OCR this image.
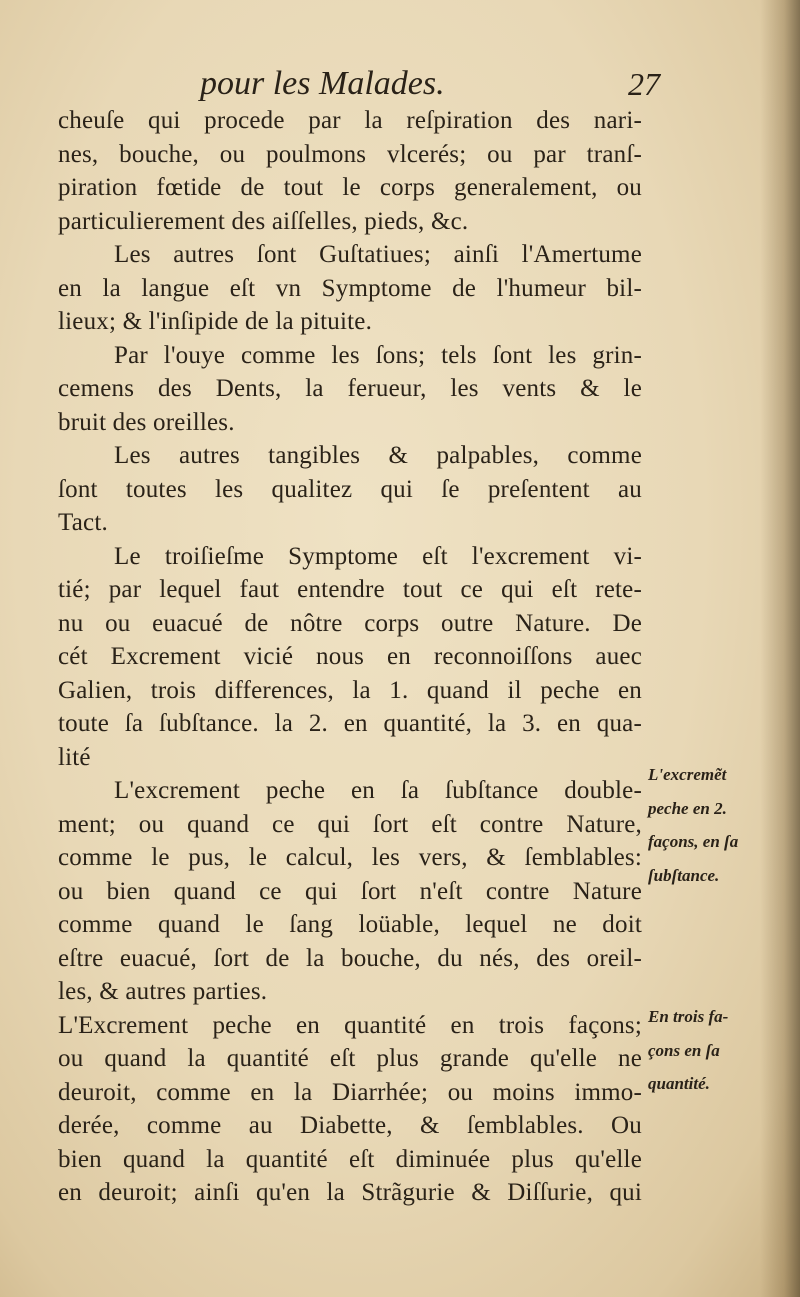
pour les Malades.	27
cheuſe qui procede par la reſpiration des nari-
nes, bouche, ou poulmons vlcerés; ou par tranſ-
piration fœtide de tout le corps generalement, ou
particulierement des aiſſelles, pieds, &c.
Les autres ſont Guſtatiues; ainſi l'Amertume
en la langue eſt vn Symptome de l'humeur bil-
lieux; & l'inſipide de la pituite.
Par l'ouye comme les ſons; tels ſont les grin-
cemens des Dents, la ferueur, les vents & le
bruit des oreilles.
Les autres tangibles & palpables, comme
ſont toutes les qualitez qui ſe preſentent au
Tact.
Le troiſieſme Symptome eſt l'excrement vi-
tié; par lequel faut entendre tout ce qui eſt rete-
nu ou euacué de nôtre corps outre Nature. De
cét Excrement vicié nous en reconnoiſſons auec
Galien, trois differences, la 1. quand il peche en
toute ſa ſubſtance. la 2. en quantité, la 3. en qua-
lité
L'excrement peche en ſa ſubſtance double-
ment; ou quand ce qui ſort eſt contre Nature,
comme le pus, le calcul, les vers, & ſemblables:
ou bien quand ce qui ſort n'eſt contre Nature
comme quand le ſang loüable, lequel ne doit
eſtre euacué, ſort de la bouche, du nés, des oreil-
les, & autres parties.
L'Excrement peche en quantité en trois façons;
ou quand la quantité eſt plus grande qu'elle ne
deuroit, comme en la Diarrhée; ou moins immo-
derée, comme au Diabette, & ſemblables. Ou
bien quand la quantité eſt diminuée plus qu'elle
en deuroit; ainſi qu'en la Strãgurie & Diſſurie, qui
L'excremẽt
peche en 2.
façons, en ſa
ſubſtance.
En trois fa-
çons en ſa
quantité.
